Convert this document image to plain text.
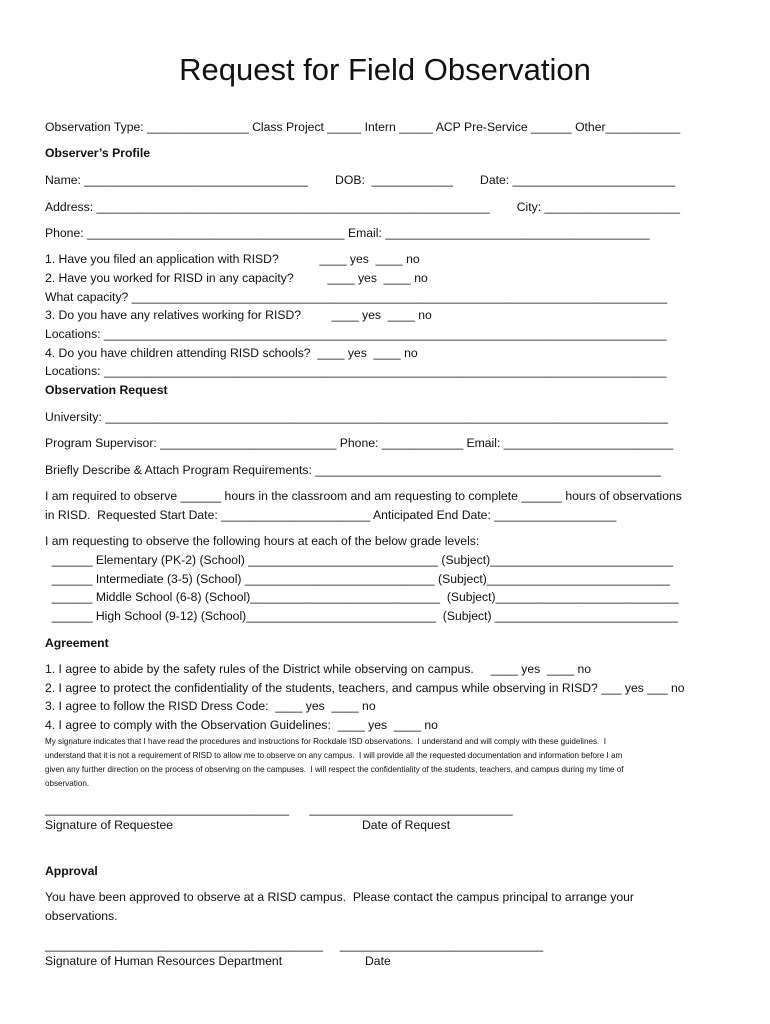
Request for Field Observation
Observation Type: _______________ Class Project _____ Intern _____ ACP Pre-Service ______ Other___________
Observer’s Profile
Name: _________________________________        DOB:  ____________        Date: ________________________
Address: __________________________________________________________        City: ____________________
Phone: ______________________________________ Email: _______________________________________
1. Have you filed an application with RISD?            ____ yes  ____ no
2. Have you worked for RISD in any capacity?          ____ yes  ____ no
What capacity? _______________________________________________________________________________
3. Do you have any relatives working for RISD?         ____ yes  ____ no
Locations: ___________________________________________________________________________________
4. Do you have children attending RISD schools?  ____ yes  ____ no
Locations: ___________________________________________________________________________________
Observation Request
University: ___________________________________________________________________________________
Program Supervisor: __________________________ Phone: ____________ Email: _________________________
Briefly Describe & Attach Program Requirements: ___________________________________________________
I am required to observe ______ hours in the classroom and am requesting to complete ______ hours of observations
in RISD.  Requested Start Date: ______________________ Anticipated End Date: __________________
I am requesting to observe the following hours at each of the below grade levels:
______ Elementary (PK-2) (School) ____________________________ (Subject)___________________________
______ Intermediate (3-5) (School) ____________________________ (Subject)___________________________
______ Middle School (6-8) (School)____________________________  (Subject)___________________________
______ High School (9-12) (School)____________________________  (Subject) ___________________________
Agreement
1. I agree to abide by the safety rules of the District while observing on campus.     ____ yes  ____ no
2. I agree to protect the confidentiality of the students, teachers, and campus while observing in RISD? ___ yes ___ no
3. I agree to follow the RISD Dress Code:  ____ yes  ____ no
4. I agree to comply with the Observation Guidelines:  ____ yes  ____ no
My signature indicates that I have read the procedures and instructions for Rockdale ISD observations.  I understand and will comply with these guidelines.  I
understand that it is not a requirement of RISD to allow me to observe on any campus.  I will provide all the requested documentation and information before I am
given any further direction on the process of observing on the campuses.  I will respect the confidentiality of the students, teachers, and campus during my time of
observation.
____________________________________      ______________________________
Signature of Requestee	Date of Request
Approval
You have been approved to observe at a RISD campus.  Please contact the campus principal to arrange your
observations.
_________________________________________     ______________________________
Signature of Human Resources Department	Date
